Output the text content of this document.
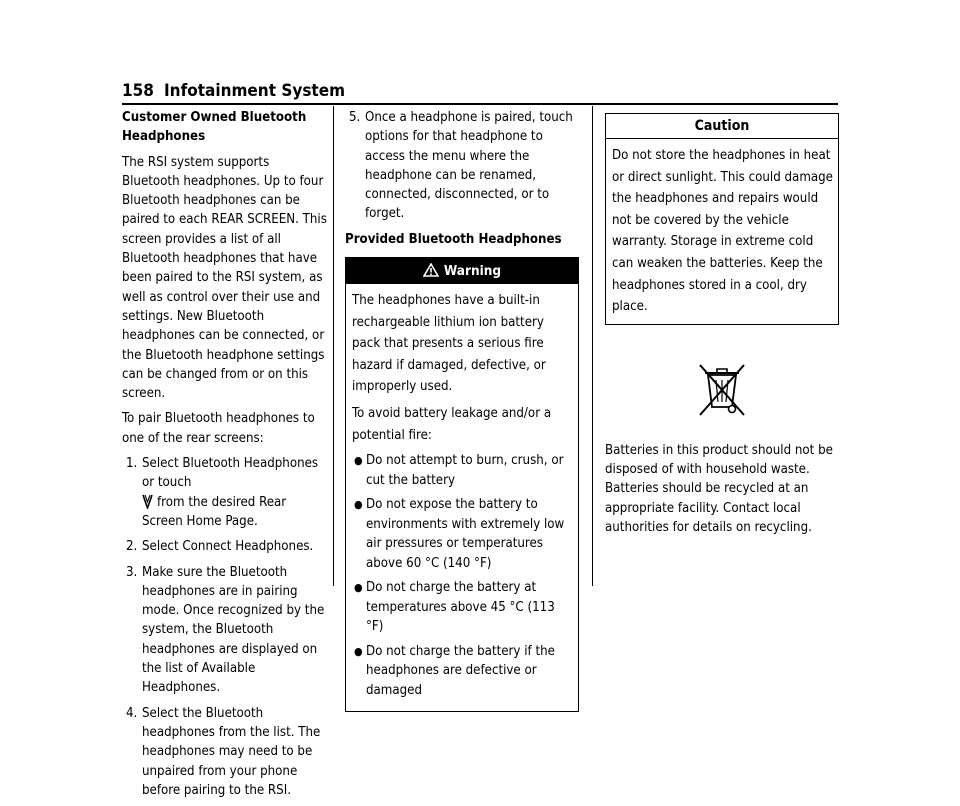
158 Infotainment System

Customer Owned Bluetooth Headphones

The RSI system supports Bluetooth headphones. Up to four Bluetooth headphones can be paired to each REAR SCREEN. This screen provides a list of all Bluetooth headphones that have been paired to the RSI system, as well as control over their use and settings. New Bluetooth headphones can be connected, or the Bluetooth headphone settings can be changed from or on this screen.

To pair Bluetooth headphones to one of the rear screens:

1. Select Bluetooth Headphones or touch
from the desired Rear Screen Home Page.
2. Select Connect Headphones.
3. Make sure the Bluetooth headphones are in pairing mode. Once recognized by the system, the Bluetooth headphones are displayed on the list of Available Headphones.
4. Select the Bluetooth headphones from the list. The headphones may need to be unpaired from your phone before pairing to the RSI.
5. Once a headphone is paired, touch options for that headphone to access the menu where the headphone can be renamed, connected, disconnected, or to forget.

Provided Bluetooth Headphones

Warning

The headphones have a built-in rechargeable lithium ion battery pack that presents a serious fire hazard if damaged, defective, or improperly used.

To avoid battery leakage and/or a potential fire:

● Do not attempt to burn, crush, or cut the battery
● Do not expose the battery to environments with extremely low air pressures or temperatures above 60 °C (140 °F)
● Do not charge the battery at temperatures above 45 °C (113 °F)
● Do not charge the battery if the headphones are defective or damaged
Caution

Do not store the headphones in heat or direct sunlight. This could damage the headphones and repairs would not be covered by the vehicle warranty. Storage in extreme cold can weaken the batteries. Keep the headphones stored in a cool, dry place.

Batteries in this product should not be disposed of with household waste. Batteries should be recycled at an appropriate facility. Contact local authorities for details on recycling.
